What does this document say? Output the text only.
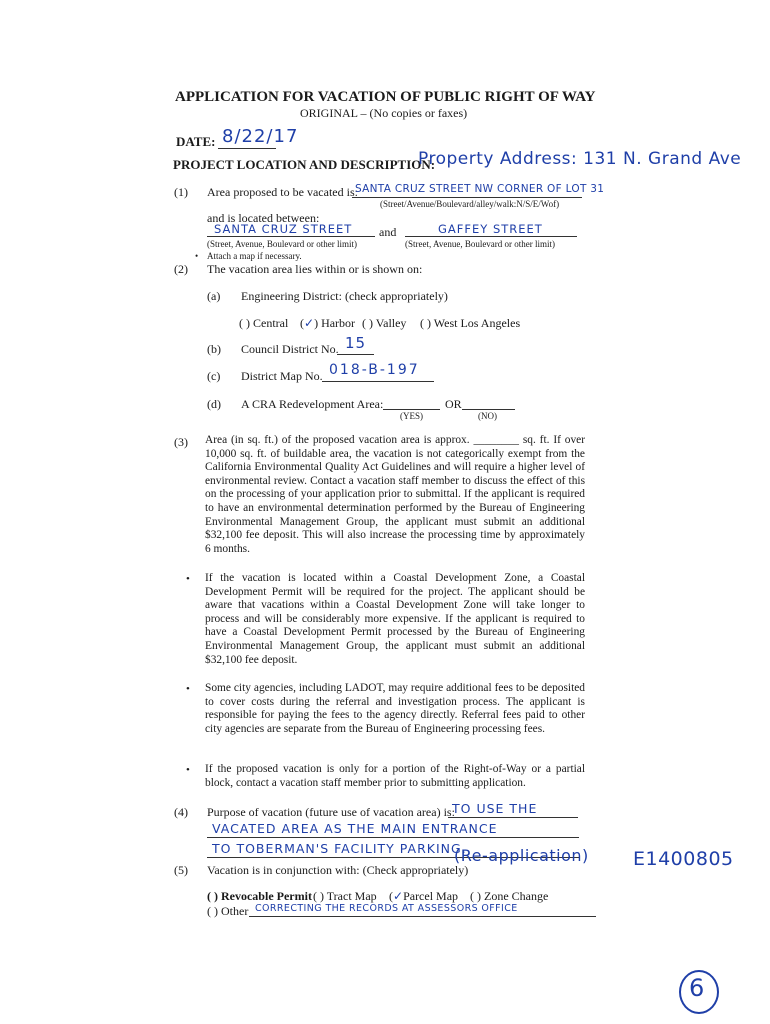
APPLICATION FOR VACATION OF PUBLIC RIGHT OF WAY
ORIGINAL – (No copies or faxes)
DATE: 8/22/17
PROJECT LOCATION AND DESCRIPTION:
Property Address: 131 N. Grand Ave
(1) Area proposed to be vacated is:
SANTA CRUZ STREET NW CORNER OF LOT 31
(Street/Avenue/Boulevard/alley/walk:N/S/E/Wof)
and is located between:
SANTA CRUZ STREET and	GAFFEY STREET
(Street, Avenue, Boulevard or other limit)	(Street, Avenue, Boulevard or other limit)
• Attach a map if necessary.
(2) The vacation area lies within or is shown on:
(a) Engineering District: (check appropriately)
( ) Central (✓) Harbor ( ) Valley ( ) West Los Angeles
(b) Council District No. 15
(c) District Map No. 018-B-197
(d) A CRA Redevelopment Area:	OR
(YES)	(NO)
(3) Area (in sq. ft.) of the proposed vacation area is approx. ________ sq. ft. If over 10,000 sq. ft. of buildable area, the vacation is not categorically exempt from the California Environmental Quality Act Guidelines and will require a higher level of environmental review. Contact a vacation staff member to discuss the effect of this on the processing of your application prior to submittal. If the applicant is required to have an environmental determination performed by the Bureau of Engineering Environmental Management Group, the applicant must submit an additional $32,100 fee deposit. This will also increase the processing time by approximately 6 months.
• If the vacation is located within a Coastal Development Zone, a Coastal Development Permit will be required for the project. The applicant should be aware that vacations within a Coastal Development Zone will take longer to process and will be considerably more expensive. If the applicant is required to have a Coastal Development Permit processed by the Bureau of Engineering Environmental Management Group, the applicant must submit an additional $32,100 fee deposit.
• Some city agencies, including LADOT, may require additional fees to be deposited to cover costs during the referral and investigation process. The applicant is responsible for paying the fees to the agency directly. Referral fees paid to other city agencies are separate from the Bureau of Engineering processing fees.
• If the proposed vacation is only for a portion of the Right-of-Way or a partial block, contact a vacation staff member prior to submitting application.
(4) Purpose of vacation (future use of vacation area) is:
TO USE THE
VACATED AREA AS THE MAIN ENTRANCE
TO TOBERMAN'S FACILITY PARKING.
(5) Vacation is in conjunction with: (Check appropriately)
(Re-application) E1400805
( ) Revocable Permit ( ) Tract Map (✓Parcel Map ( ) Zone Change
( ) Other CORRECTING THE RECORDS AT ASSESSORS OFFICE
6
